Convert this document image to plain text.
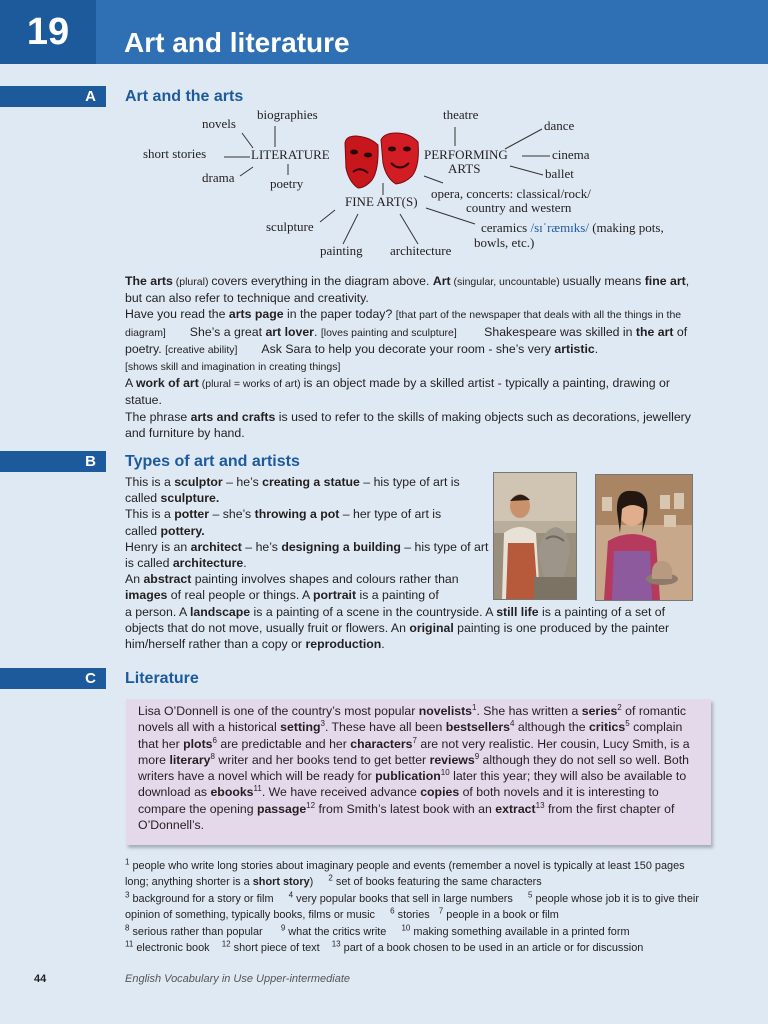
19	Art and literature
A	Art and the arts
novels
biographies
short stories	LITERATURE
drama	poetry
theatre
dance
PERFORMING
ARTS
cinema
ballet
opera, concerts: classical/rock/
country and western
FINE ART(S)
sculpture
painting architecture
ceramics /sɪˈræmɪks/ (making pots,
bowls, etc.)
The arts (plural) covers everything in the diagram above. Art (singular, uncountable) usually means fine art, but can also refer to technique and creativity.
Have you read the arts page in the paper today? [that part of the newspaper that deals with all the things in the diagram] She’s a great art lover. [loves painting and sculpture] Shakespeare was skilled in the art of poetry. [creative ability] Ask Sara to help you decorate your room - she’s very artistic.
[shows skill and imagination in creating things]
A work of art (plural = works of art) is an object made by a skilled artist - typically a painting, drawing or statue.
The phrase arts and crafts is used to refer to the skills of making objects such as decorations, jewellery and furniture by hand.
B	Types of art and artists
This is a sculptor – he’s creating a statue – his type of art is
called sculpture.
This is a potter – she’s throwing a pot – her type of art is
called pottery.
Henry is an architect – he’s designing a building – his type of art
is called architecture.
An abstract painting involves shapes and colours rather than
images of real people or things. A portrait is a painting of
a person. A landscape is a painting of a scene in the countryside. A still life is a painting of a set of objects that do not move, usually fruit or flowers. An original painting is one produced by the painter him/herself rather than a copy or reproduction.
C	Literature
Lisa O’Donnell is one of the country’s most popular novelists$^1$. She has written a series$^2$ of romantic novels all with a historical setting$^3$. These have all been bestsellers$^4$ although the critics$^5$ complain that her plots$^6$ are predictable and her characters$^7$ are not very realistic. Her cousin, Lucy Smith, is a more literary$^8$ writer and her books tend to get better reviews$^9$ although they do not sell so well. Both writers have a novel which will be ready for publication$^{10}$ later this year; they will also be available to download as ebooks$^{11}$. We have received advance copies of both novels and it is interesting to compare the opening passage$^{12}$ from Smith’s latest book with an extract$^{13}$ from the first chapter of O’Donnell’s.
$^1$ people who write long stories about imaginary people and events (remember a novel is typically at least 150 pages long; anything shorter is a short story) $^2$ set of books featuring the same characters
$^3$ background for a story or film $^4$ very popular books that sell in large numbers $^5$ people whose job it is to give their opinion of something, typically books, films or music $^6$ stories $^7$ people in a book or film
$^8$ serious rather than popular $^9$ what the critics write $^{10}$ making something available in a printed form
$^{11}$ electronic book $^{12}$ short piece of text $^{13}$ part of a book chosen to be used in an article or for discussion
44	English Vocabulary in Use Upper-intermediate
